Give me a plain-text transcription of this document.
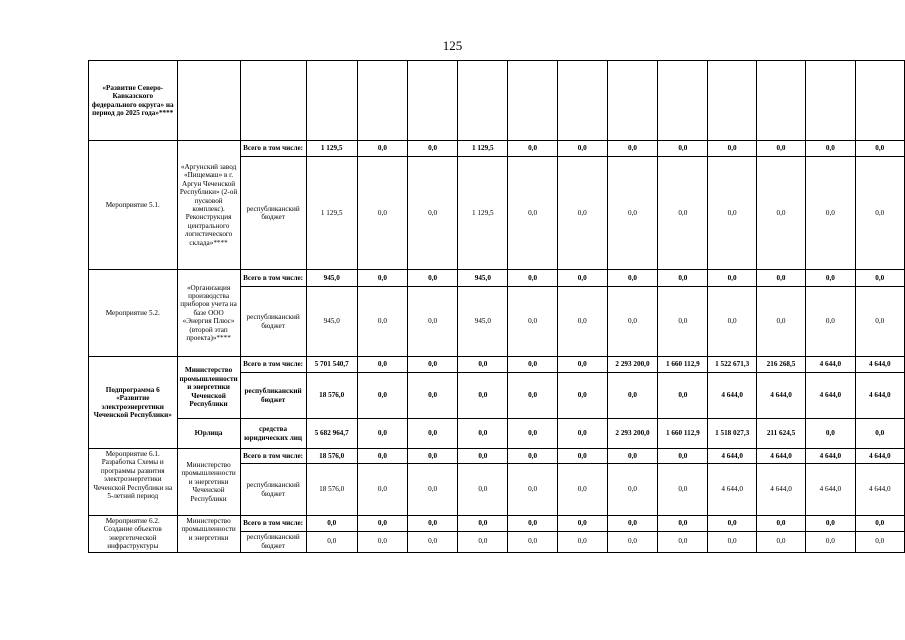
125
«Развитие Северо-Кавказского федерального округа» на период до 2025 года»****														
Мероприятие 5.1.	«Аргунский завод «Пищемаш» в г. Аргун Чеченской Республики» (2-ой пусковой комплекс). Реконструкция центрального логистического склада»****	Всего в том числе:	1 129,5	0,0	0,0	1 129,5	0,0	0,0	0,0	0,0	0,0	0,0	0,0	0,0
		республиканский бюджет	1 129,5	0,0	0,0	1 129,5	0,0	0,0	0,0	0,0	0,0	0,0	0,0	0,0
Мероприятие 5.2.	«Организация производства приборов учета на базе ООО «Энергия Плюс» (второй этап проекта)»****	Всего в том числе:	945,0	0,0	0,0	945,0	0,0	0,0	0,0	0,0	0,0	0,0	0,0	0,0
		республиканский бюджет	945,0	0,0	0,0	945,0	0,0	0,0	0,0	0,0	0,0	0,0	0,0	0,0
Подпрограмма 6 «Развитие электроэнергетики Чеченской Республики»	Министерство промышленности и энергетики Чеченской Республики	Всего в том числе:	5 701 540,7	0,0	0,0	0,0	0,0	0,0	2 293 200,0	1 660 112,9	1 522 671,3	216 268,5	4 644,0	4 644,0
		республиканский бюджет	18 576,0	0,0	0,0	0,0	0,0	0,0	0,0	0,0	4 644,0	4 644,0	4 644,0	4 644,0
	Юрлица	средства юридических лиц	5 682 964,7	0,0	0,0	0,0	0,0	0,0	2 293 200,0	1 660 112,9	1 518 027,3	211 624,5	0,0	0,0
Мероприятие 6.1. Разработка Схемы и программы развития электроэнергетики Чеченской Республики на 5-летний период	Министерство промышленности и энергетики Чеченской Республики	Всего в том числе:	18 576,0	0,0	0,0	0,0	0,0	0,0	0,0	0,0	4 644,0	4 644,0	4 644,0	4 644,0
		республиканский бюджет	18 576,0	0,0	0,0	0,0	0,0	0,0	0,0	0,0	4 644,0	4 644,0	4 644,0	4 644,0
Мероприятие 6.2. Создание объектов энергетической инфраструктуры	Министерство промышленности и энергетики	Всего в том числе:	0,0	0,0	0,0	0,0	0,0	0,0	0,0	0,0	0,0	0,0	0,0	0,0
		республиканский бюджет	0,0	0,0	0,0	0,0	0,0	0,0	0,0	0,0	0,0	0,0	0,0	0,0
